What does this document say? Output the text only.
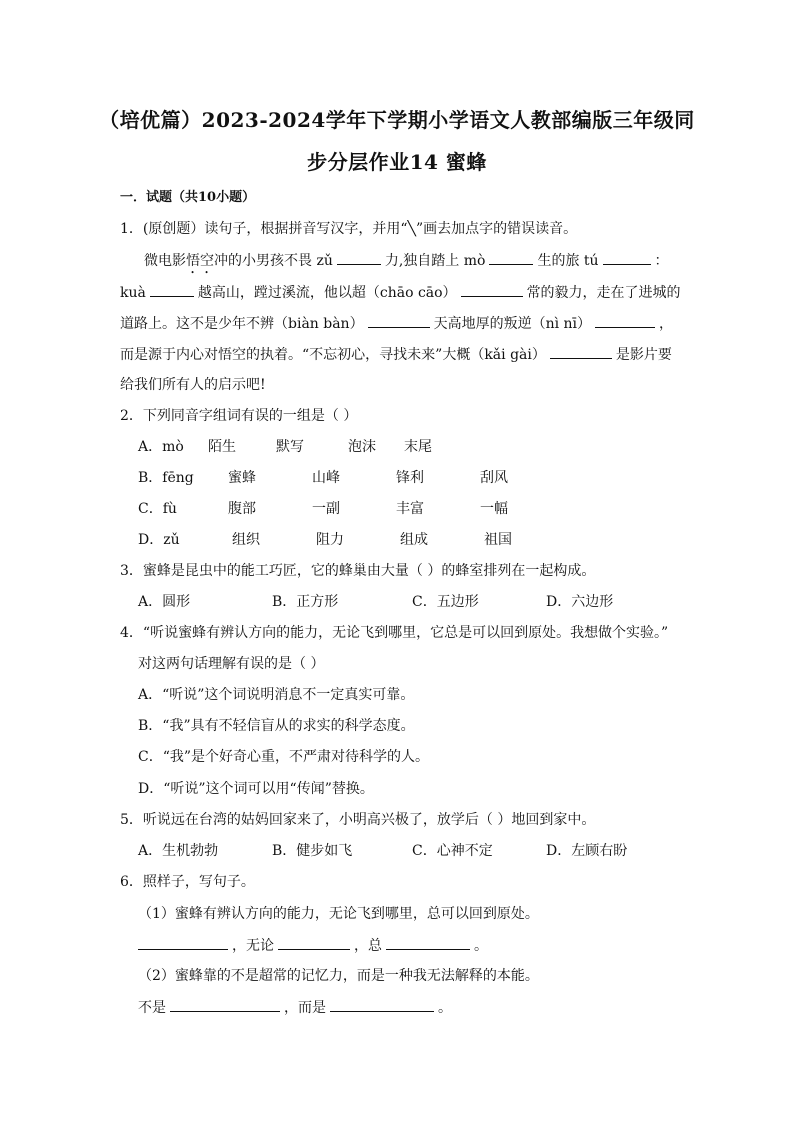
（培优篇）2023-2024学年下学期小学语文人教部编版三年级同
步分层作业14 蜜蜂
一．试题（共10小题）
1．(原创题）读句子，根据拼音写汉字，并用“╲”画去加点字的错误读音。
微电影悟空冲的小男孩不畏 zǔ	力,独自踏上 mò	生的旅 tú	：
kuà	越高山，蹚过溪流，他以超（chāo cāo）	常的毅力，走在了进城的
道路上。这不是少年不辨（biàn bàn）	天高地厚的叛逆（nì nī）	，
而是源于内心对悟空的执着。“不忘初心，寻找未来”大概（kǎi gài）	是影片要
给我们所有人的启示吧!
2．下列同音字组词有误的一组是（ ）
A．mò 陌生	默写	泡沫 末尾
B．fēng 蜜蜂	山峰	锋利	刮风
C．fù	腹部	一副	丰富	一幅
D．zǔ	组织	阻力	组成	祖国
3．蜜蜂是昆虫中的能工巧匠，它的蜂巢由大量（ ）的蜂室排列在一起构成。
A．圆形	B．正方形	C．五边形	D．六边形
4．“听说蜜蜂有辨认方向的能力，无论飞到哪里，它总是可以回到原处。我想做个实验。”
对这两句话理解有误的是（ ）
A．“听说”这个词说明消息不一定真实可靠。
B．“我”具有不轻信盲从的求实的科学态度。
C．“我”是个好奇心重，不严肃对待科学的人。
D．“听说”这个词可以用“传闻”替换。
5．听说远在台湾的姑妈回家来了，小明高兴极了，放学后（ ）地回到家中。
A．生机勃勃	B．健步如飞	C．心神不定	D．左顾右盼
6．照样子，写句子。
（1）蜜蜂有辨认方向的能力，无论飞到哪里，总可以回到原处。
，无论	，总	。
（2）蜜蜂靠的不是超常的记忆力，而是一种我无法解释的本能。
不是	，而是	。
